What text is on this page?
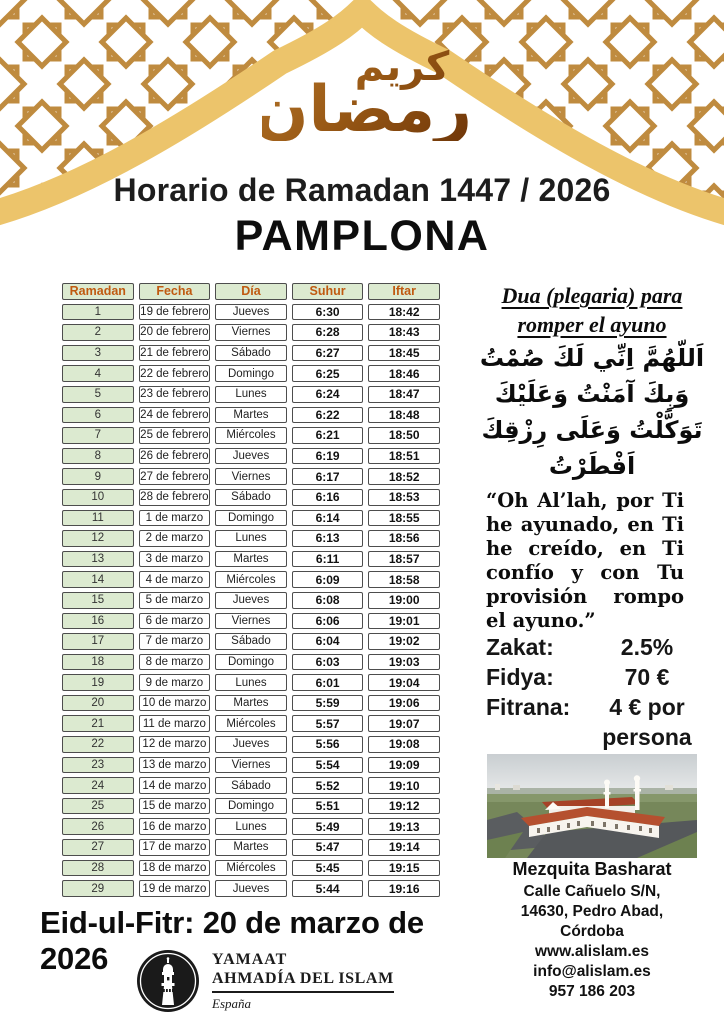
كريم
رمضان
Horario de Ramadan 1447 / 2026
PAMPLONA
Ramadan	Fecha	Día	Suhur	Iftar
1	19 de febrero	Jueves	6:30	18:42
2	20 de febrero	Viernes	6:28	18:43
3	21 de febrero	Sábado	6:27	18:45
4	22 de febrero	Domingo	6:25	18:46
5	23 de febrero	Lunes	6:24	18:47
6	24 de febrero	Martes	6:22	18:48
7	25 de febrero	Miércoles	6:21	18:50
8	26 de febrero	Jueves	6:19	18:51
9	27 de febrero	Viernes	6:17	18:52
10	28 de febrero	Sábado	6:16	18:53
11	1 de marzo	Domingo	6:14	18:55
12	2 de marzo	Lunes	6:13	18:56
13	3 de marzo	Martes	6:11	18:57
14	4 de marzo	Miércoles	6:09	18:58
15	5 de marzo	Jueves	6:08	19:00
16	6 de marzo	Viernes	6:06	19:01
17	7 de marzo	Sábado	6:04	19:02
18	8 de marzo	Domingo	6:03	19:03
19	9 de marzo	Lunes	6:01	19:04
20	10 de marzo	Martes	5:59	19:06
21	11 de marzo	Miércoles	5:57	19:07
22	12 de marzo	Jueves	5:56	19:08
23	13 de marzo	Viernes	5:54	19:09
24	14 de marzo	Sábado	5:52	19:10
25	15 de marzo	Domingo	5:51	19:12
26	16 de marzo	Lunes	5:49	19:13
27	17 de marzo	Martes	5:47	19:14
28	18 de marzo	Miércoles	5:45	19:15
29	19 de marzo	Jueves	5:44	19:16
Dua (plegaria) para
romper el ayuno
اَللّهُمَّ اِنِّي لَكَ صُمْتُ
وَبِكَ آمَنْتُ وَعَلَيْكَ
تَوَكَّلْتُ وَعَلَى رِزْقِكَ
اَفْطَرْتُ
“Oh Al’lah, por Ti he ayunado, en Ti he creído, en Ti confío y con Tu provisión rompo el ayuno.”
Zakat:	2.5%
Fidya:	70 €
Fitrana:	4 € por persona
Mezquita Basharat
Calle Cañuelo S/N,
14630, Pedro Abad,
Córdoba
www.alislam.es
info@alislam.es
957 186 203
Eid-ul-Fitr: 20 de marzo de 2026	YAMAAT
AHMADÍA DEL ISLAM
España
